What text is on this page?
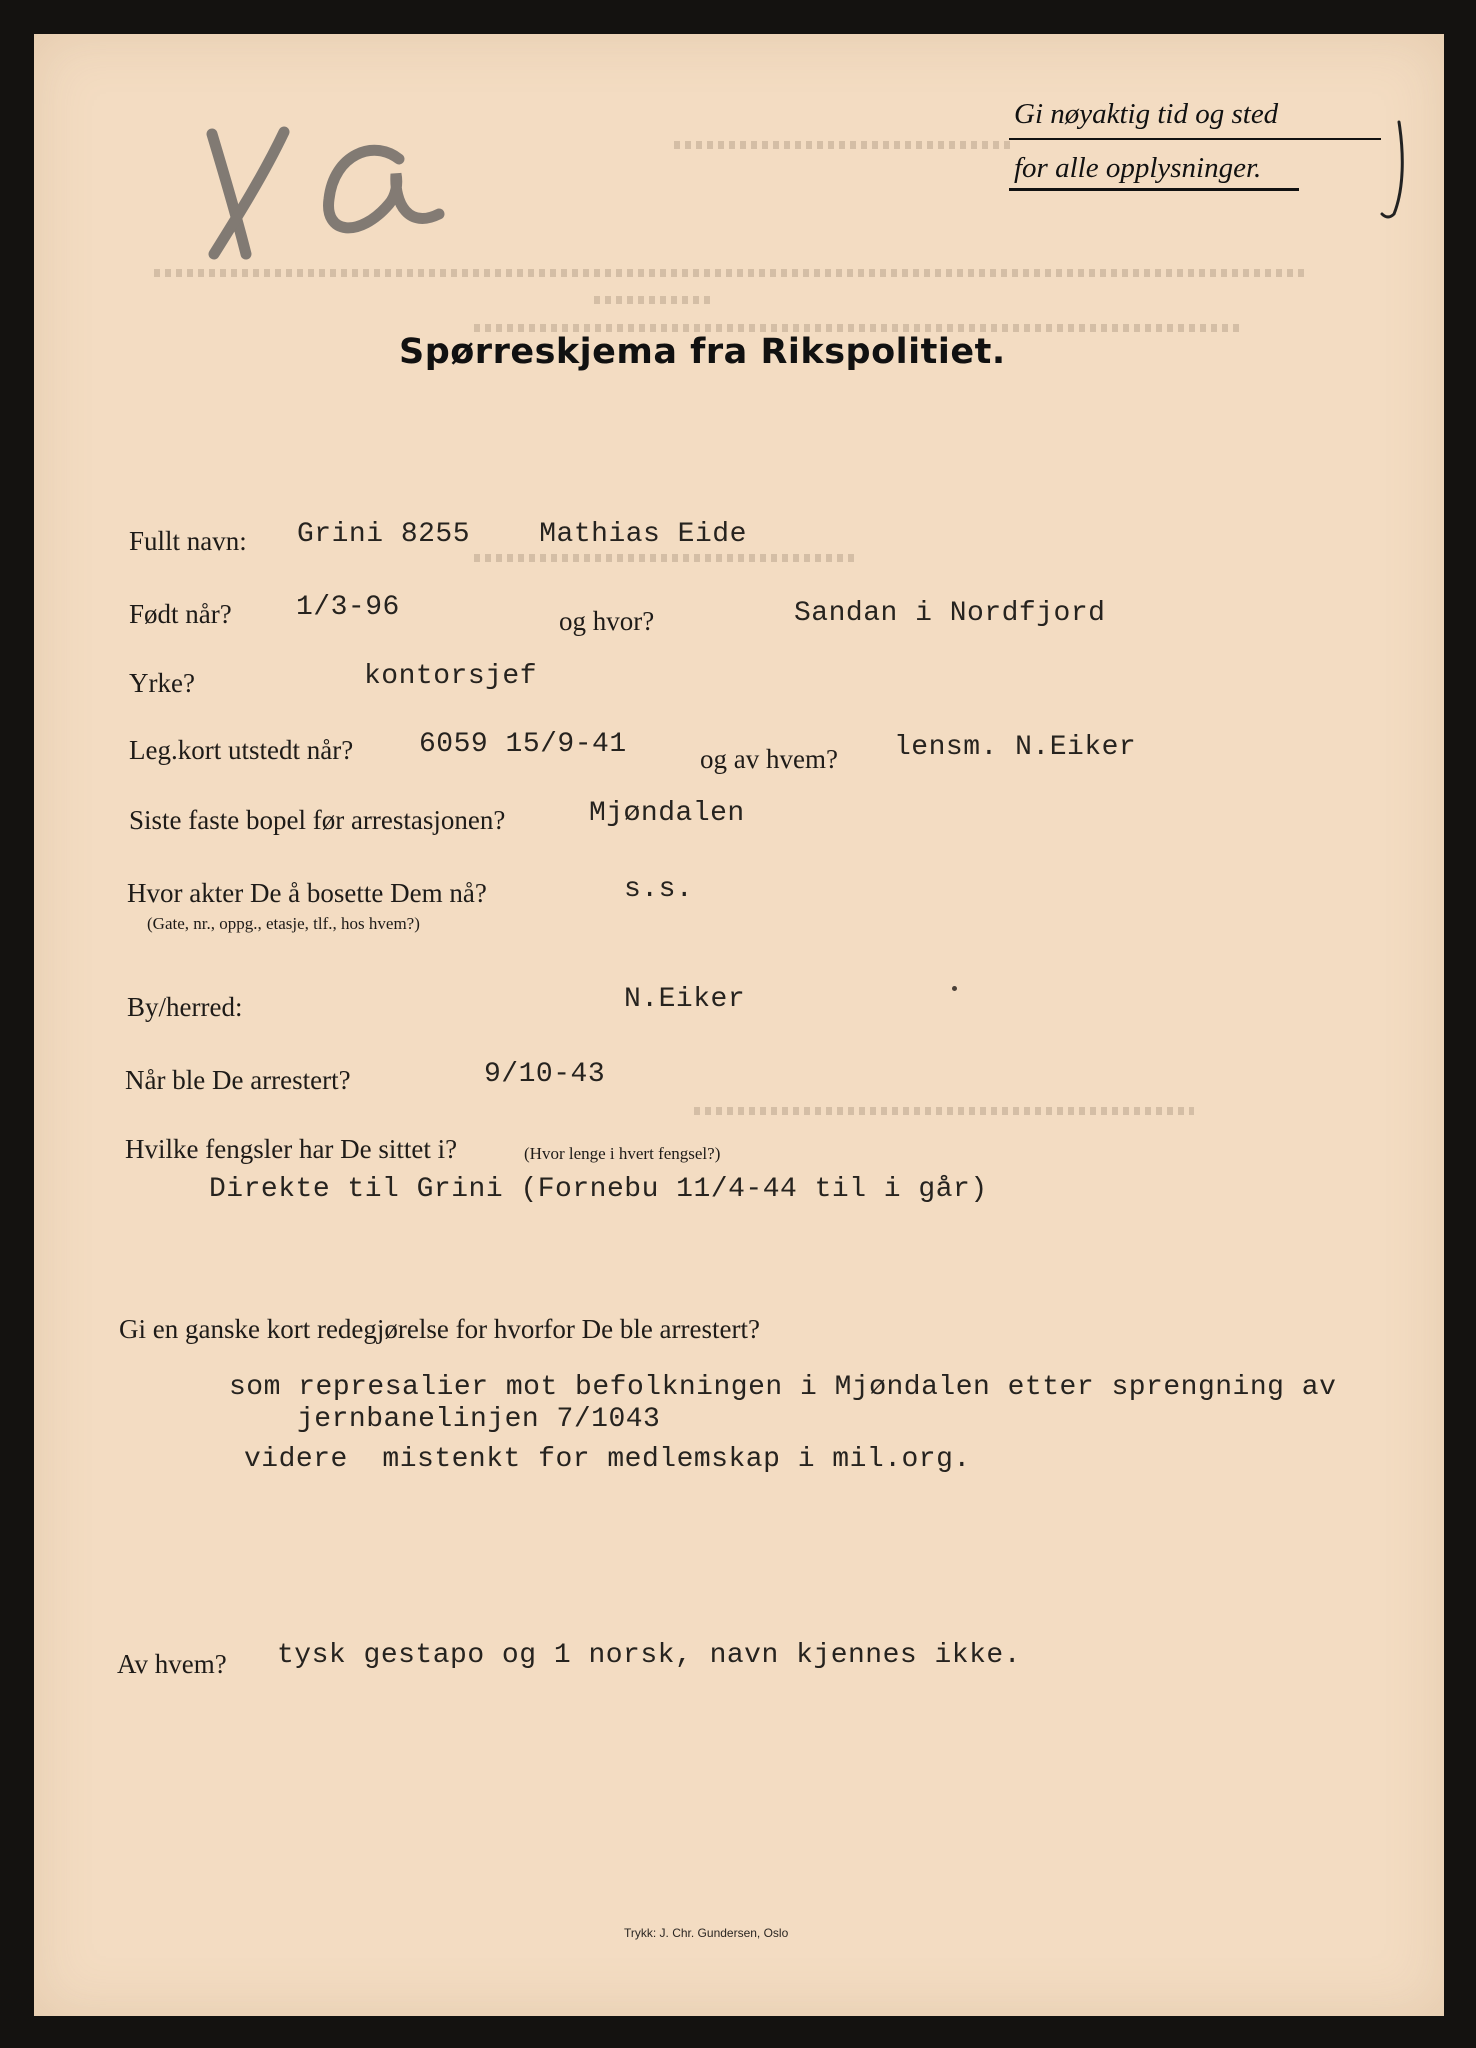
Gi nøyaktig tid og sted
for alle opplysninger.
Spørreskjema fra Rikspolitiet.
Fullt navn: Grini 8255    Mathias Eide
Født når? 1/3-96	og hvor?	Sandan i Nordfjord
Yrke?	kontorsjef
Leg.kort utstedt når? 6059 15/9-41	og av hvem? lensm. N.Eiker
Siste faste bopel før arrestasjonen?	Mjøndalen
Hvor akter De å bosette Dem nå?
(Gate, nr., oppg., etasje, tlf., hos hvem?)
s.s.
By/herred:	N.Eiker
Når ble De arrestert?	9/10-43
Hvilke fengsler har De sittet i?	(Hvor lenge i hvert fengsel?)
Direkte til Grini (Fornebu 11/4-44 til i går)
Gi en ganske kort redegjørelse for hvorfor De ble arrestert?
som represalier mot befolkningen i Mjøndalen etter sprengning av
jernbanelinjen 7/1043
videre  mistenkt for medlemskap i mil.org.
Av hvem? tysk gestapo og 1 norsk, navn kjennes ikke.
Trykk: J. Chr. Gundersen, Oslo
